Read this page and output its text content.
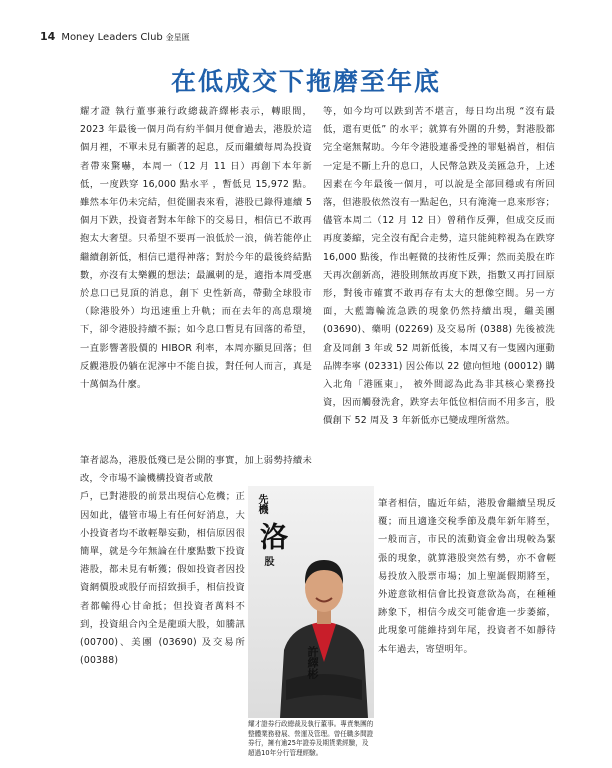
14 Money Leaders Club 金星匯
在低成交下拖磨至年底

耀才證 執行董事兼行政總裁許繹彬表示，轉眼間，2023 年最後一個月尚有約半個月便會過去，港股於這個月裡，不單未見有顯著的起息，反而繼續每周為投資者帶來驚嚇，本周一（12 月 11 日）再創下本年新低，一度跌穿 16,000 點水平 ，暫低見 15,972 點。雖然本年仍未完結，但從圖表來看，港股已錄得連續 5 個月下跌，投資者對本年餘下的交易日，相信已不敢再抱太大奢望。只希望不要再一浪低於一浪，倘若能停止繼續創新低，相信已還得神落；對於今年的最後終結點數，亦沒有太樂觀的想法；最諷刺的是，適指本周受惠於息口已見頂的消息，創下 史性新高，帶動全球股市（除港股外）均迅速重上升軌；而在去年的高息環境下，卻令港股持續不振；如今息口暫見有回落的希望，一直影響著股價的 HIBOR 利率，本周亦顯見回落；但反觀港股仍躺在泥濘中不能自拔，對任何人而言，真是十萬個為什麼。

等，如今均可以跌到苦不堪言，每日均出現 “沒有最低，還有更低” 的水平；就算有外圍的升勢，對港股都完全毫無幫助。今年令港股連番受挫的罪魁禍首，相信一定是不斷上升的息口，人民幣急跌及美匯急升，上述因素在今年最後一個月，可以說是全部回穩或有所回落，但港股依然沒有一點起色，只有淹淹一息來形容；儘管本周二（12 月 12 日）曾稍作反彈，但成交反而再度萎縮，完全沒有配合走勢，這只能純粹視為在跌穿 16,000 點後，作出輕微的技術性反彈；然而美股在昨天再次創新高，港股則無故再度下跌，指數又再打回原形，對後市確實不敢再存有太大的想像空間。另一方面，大藍籌輪流急跌的現象仍然持續出現，繼美團 (03690)、藥明 (02269) 及交易所 (0388) 先後被洗倉及同創 3 年或 52 周新低後，本周又有一隻國內運動品牌李寧 (02331) 因公佈以 22 億向恒地 (00012) 購入北角「港匯東」， 被外間認為此為非其核心業務投資，因而觸發洗倉，跌穿去年低位相信而不用多言，股價創下 52 周及 3 年新低亦已變成理所當然。

筆者認為，港股低殘已是公開的事實，加上弱勢持續未改，令市場不論機構投資者或散

戶，已對港股的前景出現信心危機；正因如此，儘管市場上有任何好消息，大小投資者均不敢輕舉妄動，相信原因很簡單，就是今年無論在什麼點數下投資港股，都未見有斬獲；假如投資者因投資網價股或股仔而招致損手，相信投資者都輸得心甘命抵；但投資者萬料不到，投資組合內全是龍頭大股，如騰訊 (00700)、美團 (03690) 及交易所 (00388)

筆者相信，臨近年結，港股會繼續呈現反覆；而且適逢交稅季節及農年新年將至，一般而言，市民的流動資金會出現較為緊張的現象，就算港股突然有勢，亦不會輕易投放入股票市場；加上聖誕假期將至，外遊意欲相信會比投資意欲為高，在種種跡象下，相信今成交可能會進一步萎縮，此現象可能維持到年尾，投資者不如靜待本年過去，寄望明年。

先機
洛
股
許繹彬
耀才證券行政總裁及執行董事。專責集團的整體業務發展、營運及管理。曾任職多間證券行，擁有逾25年證券及期貨業經驗，及超過10年分行管理經驗。
